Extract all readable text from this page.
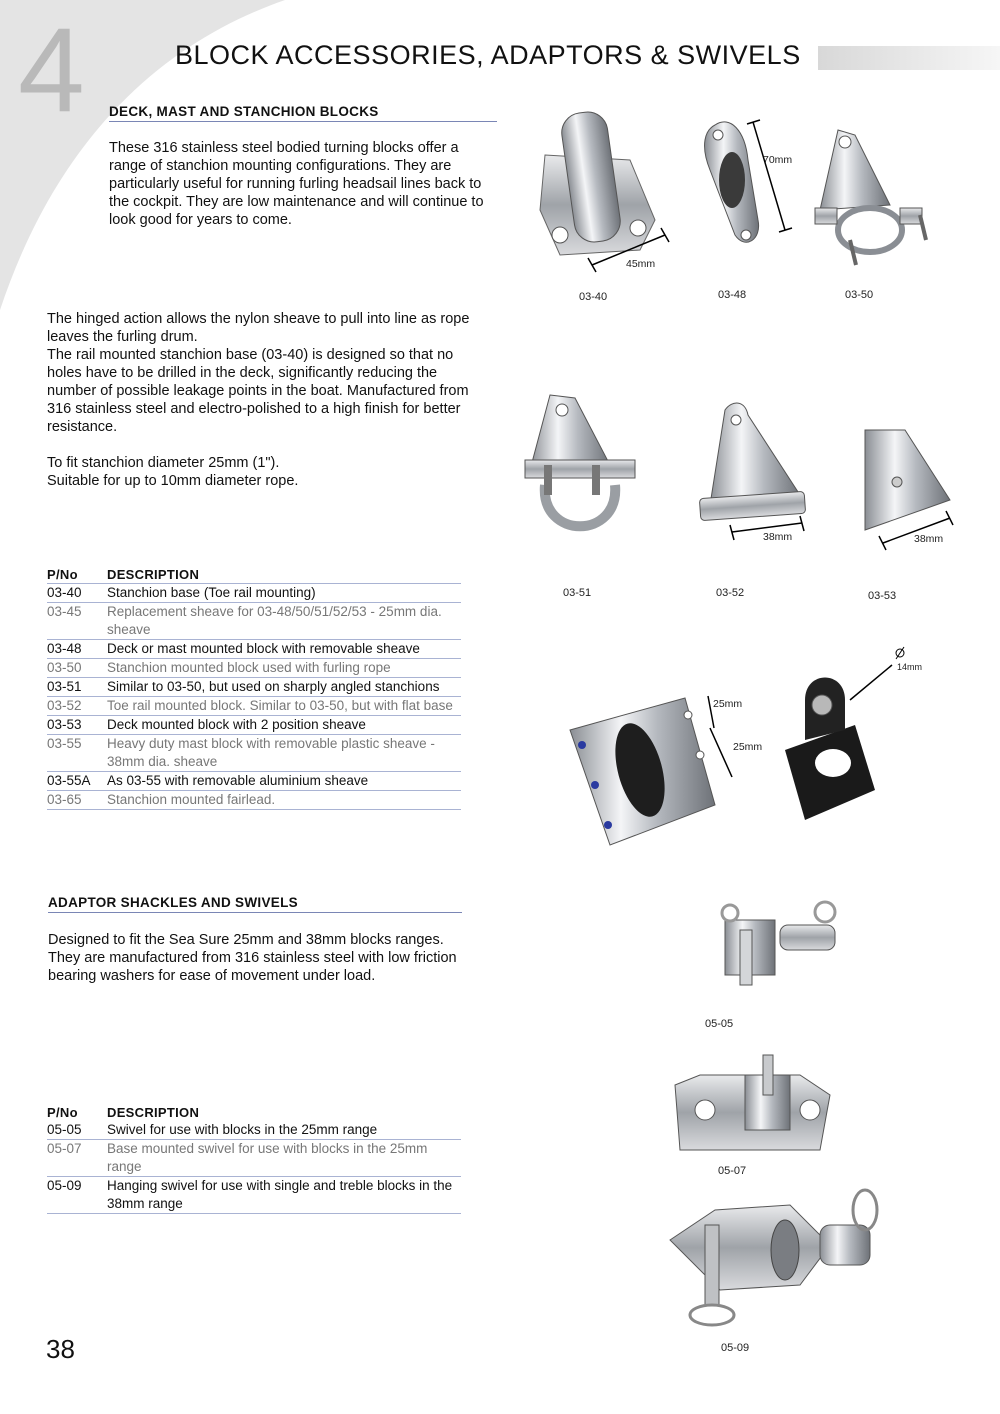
4	BLOCK ACCESSORIES, ADAPTORS & SWIVELS
DECK, MAST AND STANCHION BLOCKS

These 316 stainless steel bodied turning blocks offer a range of stanchion mounting configurations. They are particularly useful for running furling headsail lines back to the cockpit. They are low maintenance and will continue to look good for years to come.

The hinged action allows the nylon sheave to pull into line as rope leaves the furling drum.

The rail mounted stanchion base (03-40) is designed so that no holes have to be drilled in the deck, significantly reducing the number of possible leakage points in the boat. Manufactured from 316 stainless steel and electro-polished to a high finish for better resistance.

To fit stanchion diameter 25mm (1").

Suitable for up to 10mm diameter rope.

P/No	DESCRIPTION
03-40	Stanchion base (Toe rail mounting)
03-45	Replacement sheave for 03-48/50/51/52/53 - 25mm dia. sheave
03-48	Deck or mast mounted block with removable sheave
03-50	Stanchion mounted block used with furling rope
03-51	Similar to 03-50, but used on sharply angled stanchions
03-52	Toe rail mounted block. Similar to 03-50, but with flat base
03-53	Deck mounted block with 2 position sheave
03-55	Heavy duty mast block with removable plastic sheave - 38mm dia. sheave
03-55A	As 03-55 with removable aluminium sheave
03-65	Stanchion mounted fairlead.
ADAPTOR SHACKLES AND SWIVELS

Designed to fit the Sea Sure 25mm and 38mm blocks ranges. They are manufactured from 316 stainless steel with low friction bearing washers for ease of movement under load.

P/No	DESCRIPTION
05-05	Swivel for use with blocks in the 25mm range
05-07	Base mounted swivel for use with blocks in the 25mm range
05-09	Hanging swivel for use with single and treble blocks in the 38mm range
45mm
70mm
38mm	38mm
25mm
25mm
14mm
03-40	03-48	03-50
03-51	03-52	03-53
05-05
05-07
05-09
38
